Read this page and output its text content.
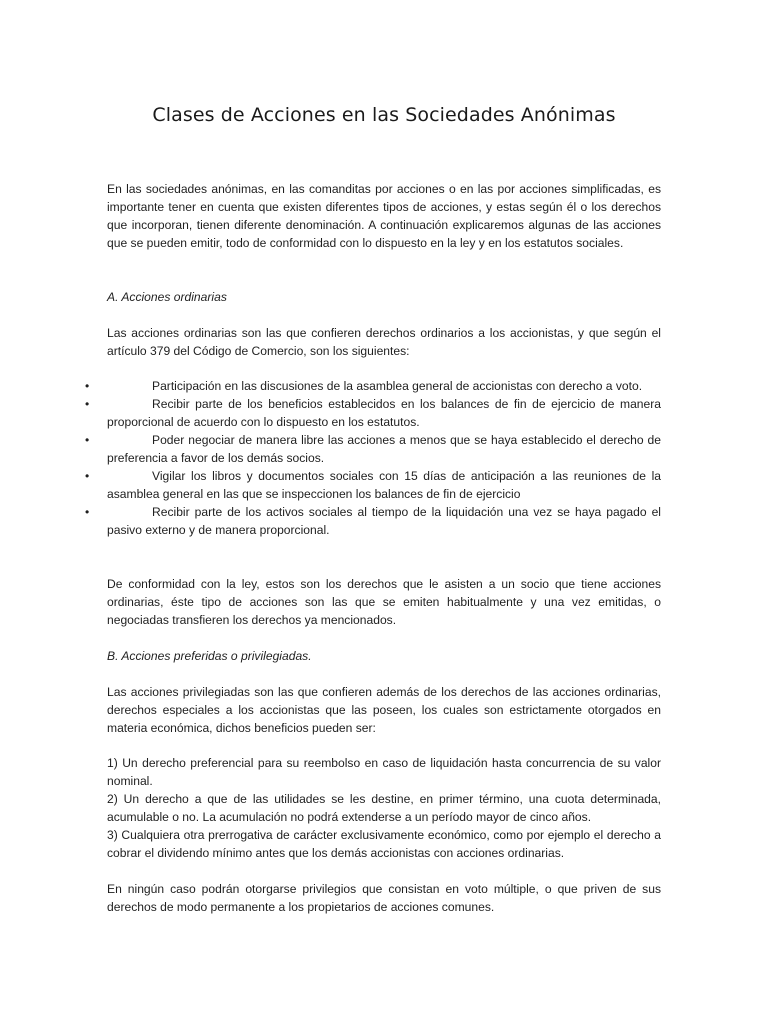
Clases de Acciones en las Sociedades Anónimas
En las sociedades anónimas, en las comanditas por acciones o en las por acciones simplificadas, es importante tener en cuenta que existen diferentes tipos de acciones, y estas según él o los derechos que incorporan, tienen diferente denominación. A continuación explicaremos algunas de las acciones que se pueden emitir, todo de conformidad con lo dispuesto en la ley y en los estatutos sociales.
A. Acciones ordinarias
Las acciones ordinarias son las que confieren derechos ordinarios a los accionistas, y que según el artículo 379 del Código de Comercio, son los siguientes:
•	Participación en las discusiones de la asamblea general de accionistas con derecho a voto.
•	Recibir parte de los beneficios establecidos en los balances de fin de ejercicio de manera proporcional de acuerdo con lo dispuesto en los estatutos.
•	Poder negociar de manera libre las acciones a menos que se haya establecido el derecho de preferencia a favor de los demás socios.
•	Vigilar los libros y documentos sociales con 15 días de anticipación a las reuniones de la asamblea general en las que se inspeccionen los balances de fin de ejercicio
•	Recibir parte de los activos sociales al tiempo de la liquidación una vez se haya pagado el pasivo externo y de manera proporcional.
De conformidad con la ley, estos son los derechos que le asisten a un socio que tiene acciones ordinarias, éste tipo de acciones son las que se emiten habitualmente y una vez emitidas, o negociadas transfieren los derechos ya mencionados.
B. Acciones preferidas o privilegiadas.
Las acciones privilegiadas son las que confieren además de los derechos de las acciones ordinarias, derechos especiales a los accionistas que las poseen, los cuales son estrictamente otorgados en materia económica, dichos beneficios pueden ser:
1) Un derecho preferencial para su reembolso en caso de liquidación hasta concurrencia de su valor nominal.
2) Un derecho a que de las utilidades se les destine, en primer término, una cuota determinada, acumulable o no. La acumulación no podrá extenderse a un período mayor de cinco años.
3) Cualquiera otra prerrogativa de carácter exclusivamente económico, como por ejemplo el derecho a cobrar el dividendo mínimo antes que los demás accionistas con acciones ordinarias.
En ningún caso podrán otorgarse privilegios que consistan en voto múltiple, o que priven de sus derechos de modo permanente a los propietarios de acciones comunes.
